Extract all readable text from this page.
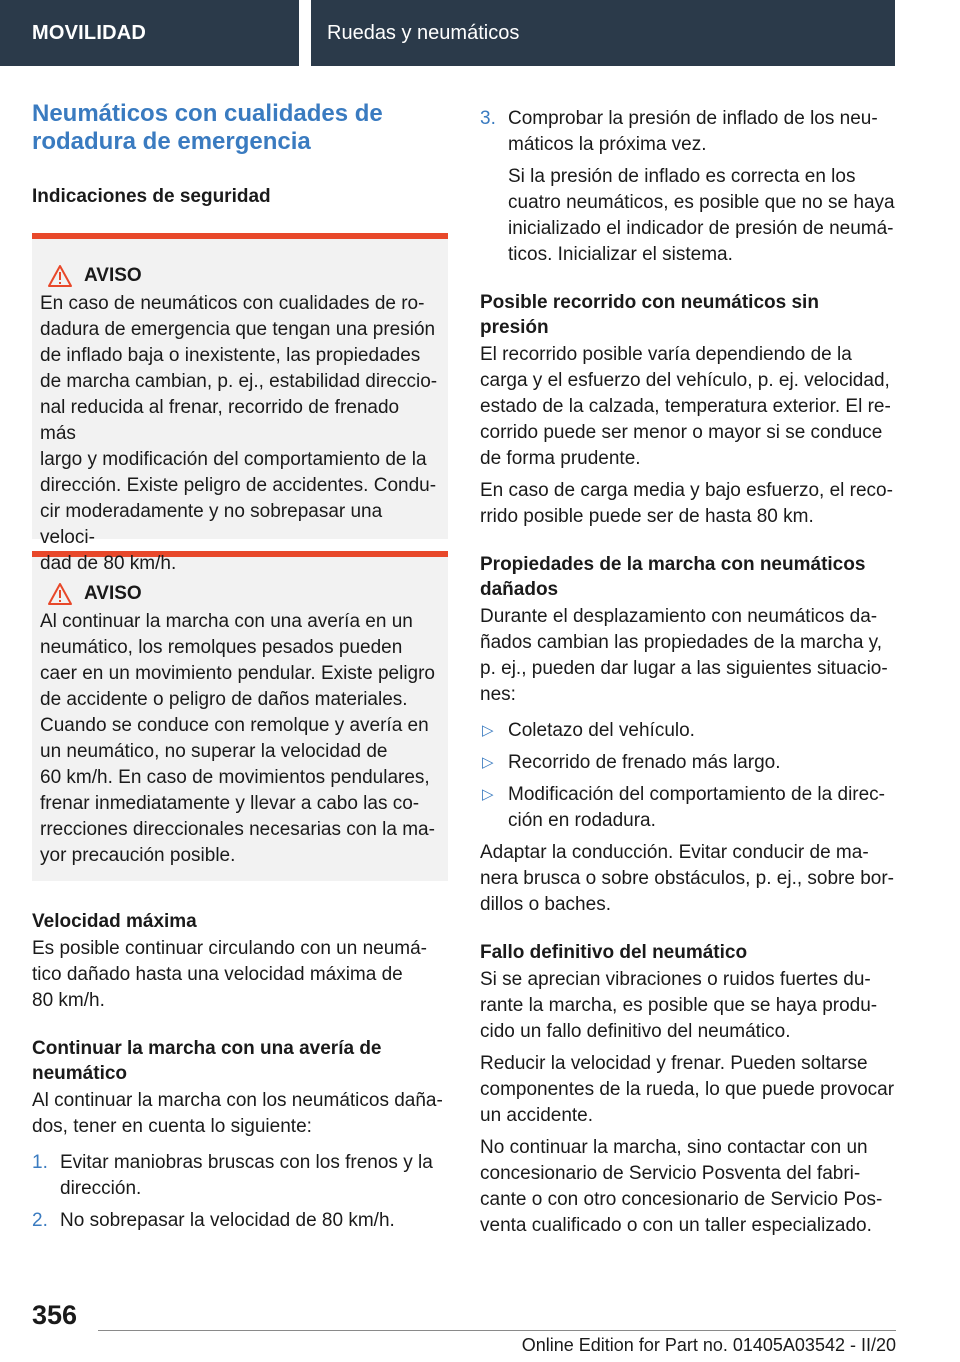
MOVILIDAD	Ruedas y neumáticos
Neumáticos con cualidades de
rodadura de emergencia
Indicaciones de seguridad
AVISO

En caso de neumáticos con cualidades de ro-
dadura de emergencia que tengan una presión
de inflado baja o inexistente, las propiedades
de marcha cambian, p. ej., estabilidad direccio-
nal reducida al frenar, recorrido de frenado más
largo y modificación del comportamiento de la
dirección. Existe peligro de accidentes. Condu-
cir moderadamente y no sobrepasar una veloci-
dad de 80 km/h.

AVISO

Al continuar la marcha con una avería en un
neumático, los remolques pesados pueden
caer en un movimiento pendular. Existe peligro
de accidente o peligro de daños materiales.
Cuando se conduce con remolque y avería en
un neumático, no superar la velocidad de
60 km/h. En caso de movimientos pendulares,
frenar inmediatamente y llevar a cabo las co-
rrecciones direccionales necesarias con la ma-
yor precaución posible.

Velocidad máxima

Es posible continuar circulando con un neumá-
tico dañado hasta una velocidad máxima de
80 km/h.

Continuar la marcha con una avería de
neumático

Al continuar la marcha con los neumáticos daña-
dos, tener en cuenta lo siguiente:

1. Evitar maniobras bruscas con los frenos y la
dirección.
2. No sobrepasar la velocidad de 80 km/h.
3. Comprobar la presión de inflado de los neu-
máticos la próxima vez.
Si la presión de inflado es correcta en los
cuatro neumáticos, es posible que no se haya
inicializado el indicador de presión de neumá-
ticos. Inicializar el sistema.
Posible recorrido con neumáticos sin
presión

El recorrido posible varía dependiendo de la
carga y el esfuerzo del vehículo, p. ej. velocidad,
estado de la calzada, temperatura exterior. El re-
corrido puede ser menor o mayor si se conduce
de forma prudente.

En caso de carga media y bajo esfuerzo, el reco-
rrido posible puede ser de hasta 80 km.

Propiedades de la marcha con neumáticos
dañados

Durante el desplazamiento con neumáticos da-
ñados cambian las propiedades de la marcha y,
p. ej., pueden dar lugar a las siguientes situacio-
nes:

▷ Coletazo del vehículo.
▷ Recorrido de frenado más largo.
▷ Modificación del comportamiento de la direc-
ción en rodadura.

Adaptar la conducción. Evitar conducir de ma-
nera brusca o sobre obstáculos, p. ej., sobre bor-
dillos o baches.

Fallo definitivo del neumático

Si se aprecian vibraciones o ruidos fuertes du-
rante la marcha, es posible que se haya produ-
cido un fallo definitivo del neumático.

Reducir la velocidad y frenar. Pueden soltarse
componentes de la rueda, lo que puede provocar
un accidente.

No continuar la marcha, sino contactar con un
concesionario de Servicio Posventa del fabri-
cante o con otro concesionario de Servicio Pos-
venta cualificado o con un taller especializado.

356
Online Edition for Part no. 01405A03542 - II/20
